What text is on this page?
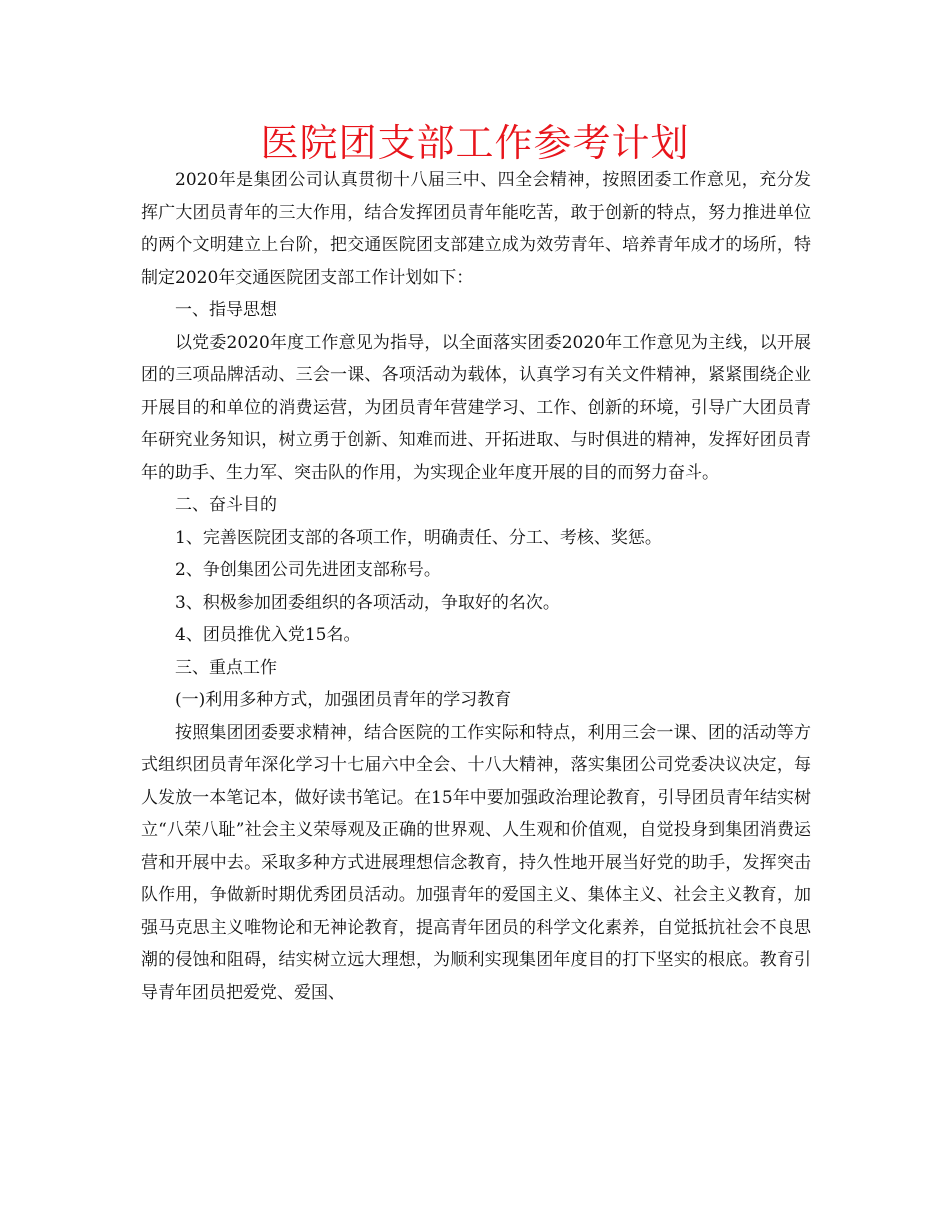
医院团支部工作参考计划

2020年是集团公司认真贯彻十八届三中、四全会精神，按照团委工作意见，充分发挥广大团员青年的三大作用，结合发挥团员青年能吃苦，敢于创新的特点，努力推进单位的两个文明建立上台阶，把交通医院团支部建立成为效劳青年、培养青年成才的场所，特制定2020年交通医院团支部工作计划如下：

一、指导思想

以党委2020年度工作意见为指导，以全面落实团委2020年工作意见为主线，以开展团的三项品牌活动、三会一课、各项活动为载体，认真学习有关文件精神，紧紧围绕企业开展目的和单位的消费运营，为团员青年营建学习、工作、创新的环境，引导广大团员青年研究业务知识，树立勇于创新、知难而进、开拓进取、与时俱进的精神，发挥好团员青年的助手、生力军、突击队的作用，为实现企业年度开展的目的而努力奋斗。

二、奋斗目的

1、完善医院团支部的各项工作，明确责任、分工、考核、奖惩。

2、争创集团公司先进团支部称号。

3、积极参加团委组织的各项活动，争取好的名次。

4、团员推优入党15名。

三、重点工作

(一)利用多种方式，加强团员青年的学习教育

按照集团团委要求精神，结合医院的工作实际和特点，利用三会一课、团的活动等方式组织团员青年深化学习十七届六中全会、十八大精神，落实集团公司党委决议决定，每人发放一本笔记本，做好读书笔记。在15年中要加强政治理论教育，引导团员青年结实树立“八荣八耻”社会主义荣辱观及正确的世界观、人生观和价值观，自觉投身到集团消费运营和开展中去。采取多种方式进展理想信念教育，持久性地开展当好党的助手，发挥突击队作用，争做新时期优秀团员活动。加强青年的爱国主义、集体主义、社会主义教育，加强马克思主义唯物论和无神论教育，提高青年团员的科学文化素养，自觉抵抗社会不良思潮的侵蚀和阻碍，结实树立远大理想，为顺利实现集团年度目的打下坚实的根底。教育引导青年团员把爱党、爱国、
